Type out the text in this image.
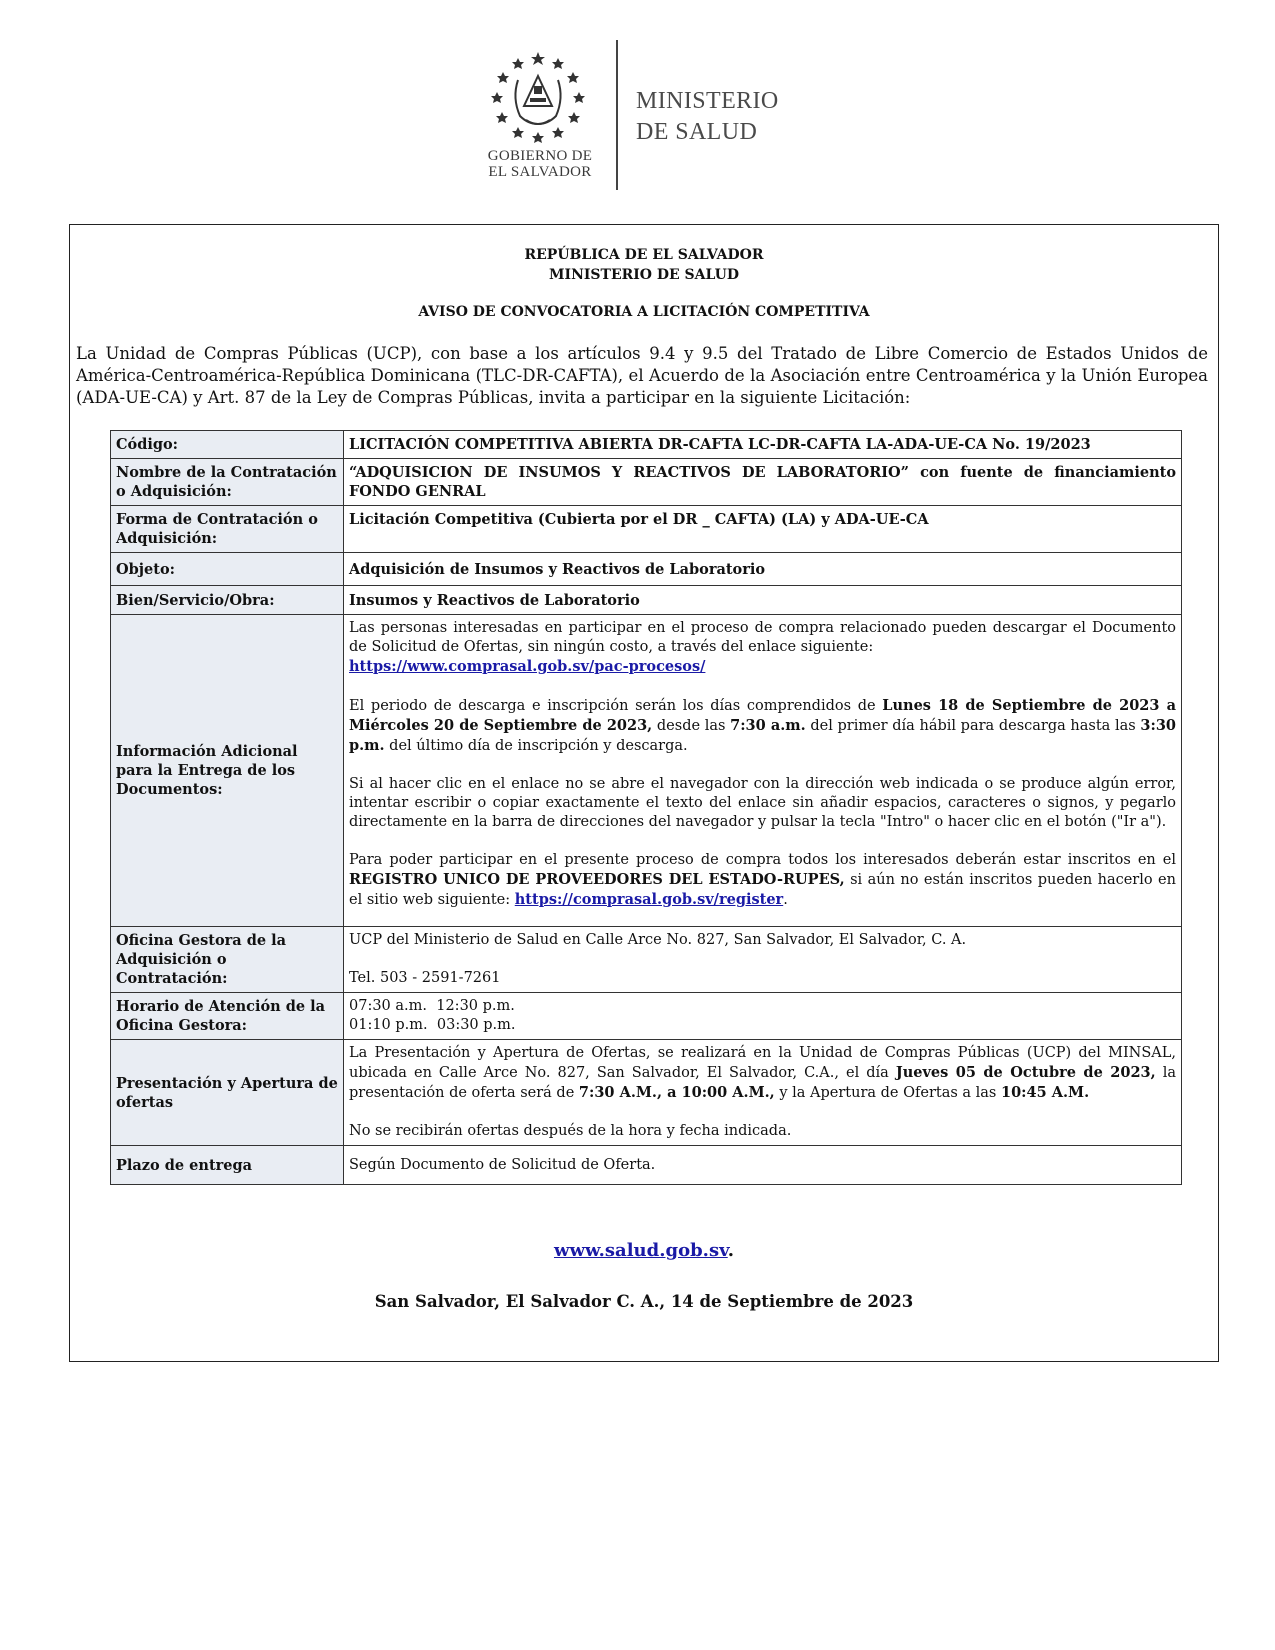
GOBIERNO DE
EL SALVADOR
MINISTERIO
DE SALUD
REPÚBLICA DE EL SALVADOR
MINISTERIO DE SALUD
AVISO DE CONVOCATORIA A LICITACIÓN COMPETITIVA
La Unidad de Compras Públicas (UCP), con base a los artículos 9.4 y 9.5 del Tratado de Libre Comercio de Estados Unidos de América-Centroamérica-República Dominicana (TLC-DR-CAFTA), el Acuerdo de la Asociación entre Centroamérica y la Unión Europea (ADA-UE-CA) y Art. 87 de la Ley de Compras Públicas, invita a participar en la siguiente Licitación:
Código:	LICITACIÓN COMPETITIVA ABIERTA DR-CAFTA LC-DR-CAFTA LA-ADA-UE-CA No. 19/2023
Nombre de la Contratación o Adquisición:	“ADQUISICION DE INSUMOS Y REACTIVOS DE LABORATORIO” con fuente de financiamiento FONDO GENRAL
Forma de Contratación o Adquisición:	Licitación Competitiva (Cubierta por el DR _ CAFTA) (LA) y ADA-UE-CA
Objeto:	Adquisición de Insumos y Reactivos de Laboratorio
Bien/Servicio/Obra:	Insumos y Reactivos de Laboratorio
Información Adicional para la Entrega de los Documentos:	Las personas interesadas en participar en el proceso de compra relacionado pueden descargar el Documento de Solicitud de Ofertas, sin ningún costo, a través del enlace siguiente:
https://www.comprasal.gob.sv/pac-procesos/
El periodo de descarga e inscripción serán los días comprendidos de Lunes 18 de Septiembre de 2023 a Miércoles 20 de Septiembre de 2023, desde las 7:30 a.m. del primer día hábil para descarga hasta las 3:30 p.m. del último día de inscripción y descarga.
Si al hacer clic en el enlace no se abre el navegador con la dirección web indicada o se produce algún error, intentar escribir o copiar exactamente el texto del enlace sin añadir espacios, caracteres o signos, y pegarlo directamente en la barra de direcciones del navegador y pulsar la tecla "Intro" o hacer clic en el botón ("Ir a").
Para poder participar en el presente proceso de compra todos los interesados deberán estar inscritos en el REGISTRO UNICO DE PROVEEDORES DEL ESTADO-RUPES, si aún no están inscritos pueden hacerlo en el sitio web siguiente: https://comprasal.gob.sv/register.

Oficina Gestora de la Adquisición o Contratación:	UCP del Ministerio de Salud en Calle Arce No. 827, San Salvador, El Salvador, C. A.
Tel. 503 - 2591-7261

Horario de Atención de la Oficina Gestora:	07:30 a.m.  12:30 p.m.
01:10 p.m.  03:30 p.m.

Presentación y Apertura de ofertas	La Presentación y Apertura de Ofertas, se realizará en la Unidad de Compras Públicas (UCP) del MINSAL, ubicada en Calle Arce No. 827, San Salvador, El Salvador, C.A., el día Jueves 05 de Octubre de 2023, la presentación de oferta será de 7:30 A.M., a 10:00 A.M., y la Apertura de Ofertas a las 10:45 A.M.
No se recibirán ofertas después de la hora y fecha indicada.

Plazo de entrega	Según Documento de Solicitud de Oferta.
www.salud.gob.sv.
San Salvador, El Salvador C. A., 14 de Septiembre de 2023
